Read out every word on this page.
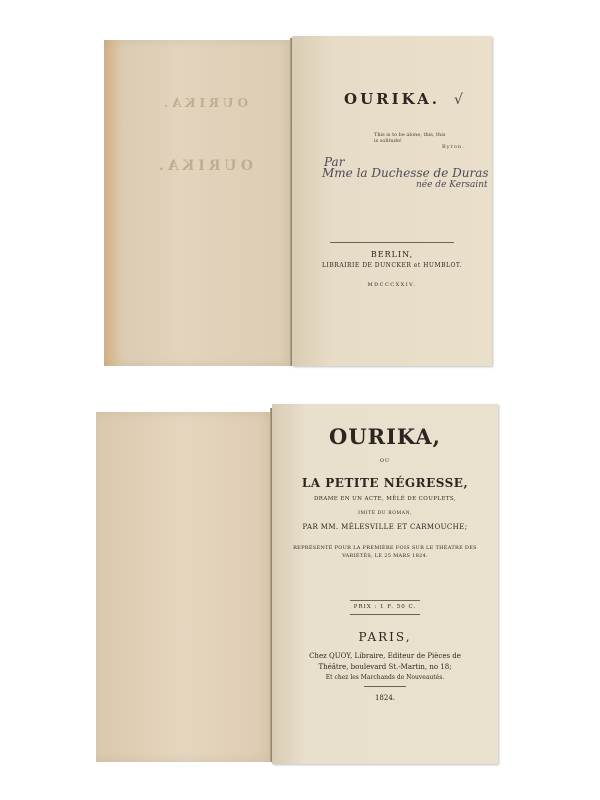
OURIKA.
OURIKA.
OURIKA.
This is to be alone; this, this
is solitude!
Byron.
Par
Mme la Duchesse de Duras
née de Kersaint
BERLIN,
LIBRAIRIE DE DUNCKER et HUMBLOT.
MDCCCXXIV.
√
OURIKA,
OU
LA PETITE NÉGRESSE,
DRAME EN UN ACTE, MÊLÉ DE COUPLETS,
IMITÉ DU ROMAN,
PAR MM. MÉLESVILLE ET CARMOUCHE;
REPRÉSENTÉ POUR LA PREMIÈRE FOIS SUR LE THÉATRE DES
VARIÉTÉS, LE 25 MARS 1824.
PRIX : 1 F. 50 C.
PARIS,
Chez QUOY, Libraire, Editeur de Pièces de
Théâtre, boulevard St.-Martin, no 18;
Et chez les Marchands de Nouveautés.
1824.
